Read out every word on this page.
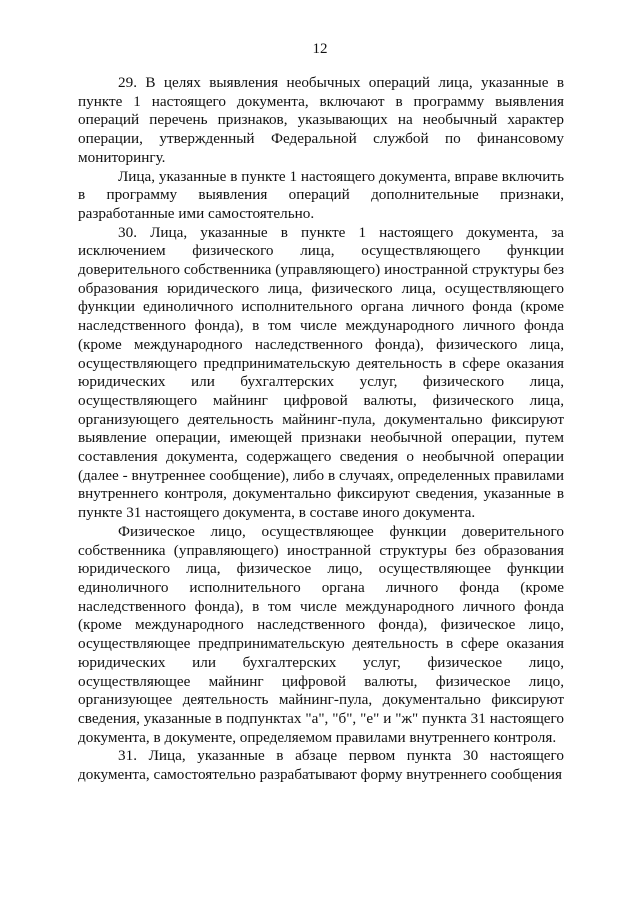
12

29. В целях выявления необычных операций лица, указанные в пункте 1 настоящего документа, включают в программу выявления операций перечень признаков, указывающих на необычный характер операции, утвержденный Федеральной службой по финансовому мониторингу.

Лица, указанные в пункте 1 настоящего документа, вправе включить в программу выявления операций дополнительные признаки, разработанные ими самостоятельно.

30. Лица, указанные в пункте 1 настоящего документа, за исключением физического лица, осуществляющего функции доверительного собственника (управляющего) иностранной структуры без образования юридического лица, физического лица, осуществляющего функции единоличного исполнительного органа личного фонда (кроме наследственного фонда), в том числе международного личного фонда (кроме международного наследственного фонда), физического лица, осуществляющего предпринимательскую деятельность в сфере оказания юридических или бухгалтерских услуг, физического лица, осуществляющего майнинг цифровой валюты, физического лица, организующего деятельность майнинг-пула, документально фиксируют выявление операции, имеющей признаки необычной операции, путем составления документа, содержащего сведения о необычной операции (далее - внутреннее сообщение), либо в случаях, определенных правилами внутреннего контроля, документально фиксируют сведения, указанные в пункте 31 настоящего документа, в составе иного документа.

Физическое лицо, осуществляющее функции доверительного собственника (управляющего) иностранной структуры без образования юридического лица, физическое лицо, осуществляющее функции единоличного исполнительного органа личного фонда (кроме наследственного фонда), в том числе международного личного фонда (кроме международного наследственного фонда), физическое лицо, осуществляющее предпринимательскую деятельность в сфере оказания юридических или бухгалтерских услуг, физическое лицо, осуществляющее майнинг цифровой валюты, физическое лицо, организующее деятельность майнинг-пула, документально фиксируют сведения, указанные в подпунктах "а", "б", "е" и "ж" пункта 31 настоящего документа, в документе, определяемом правилами внутреннего контроля.

31. Лица, указанные в абзаце первом пункта 30 настоящего документа, самостоятельно разрабатывают форму внутреннего сообщения
